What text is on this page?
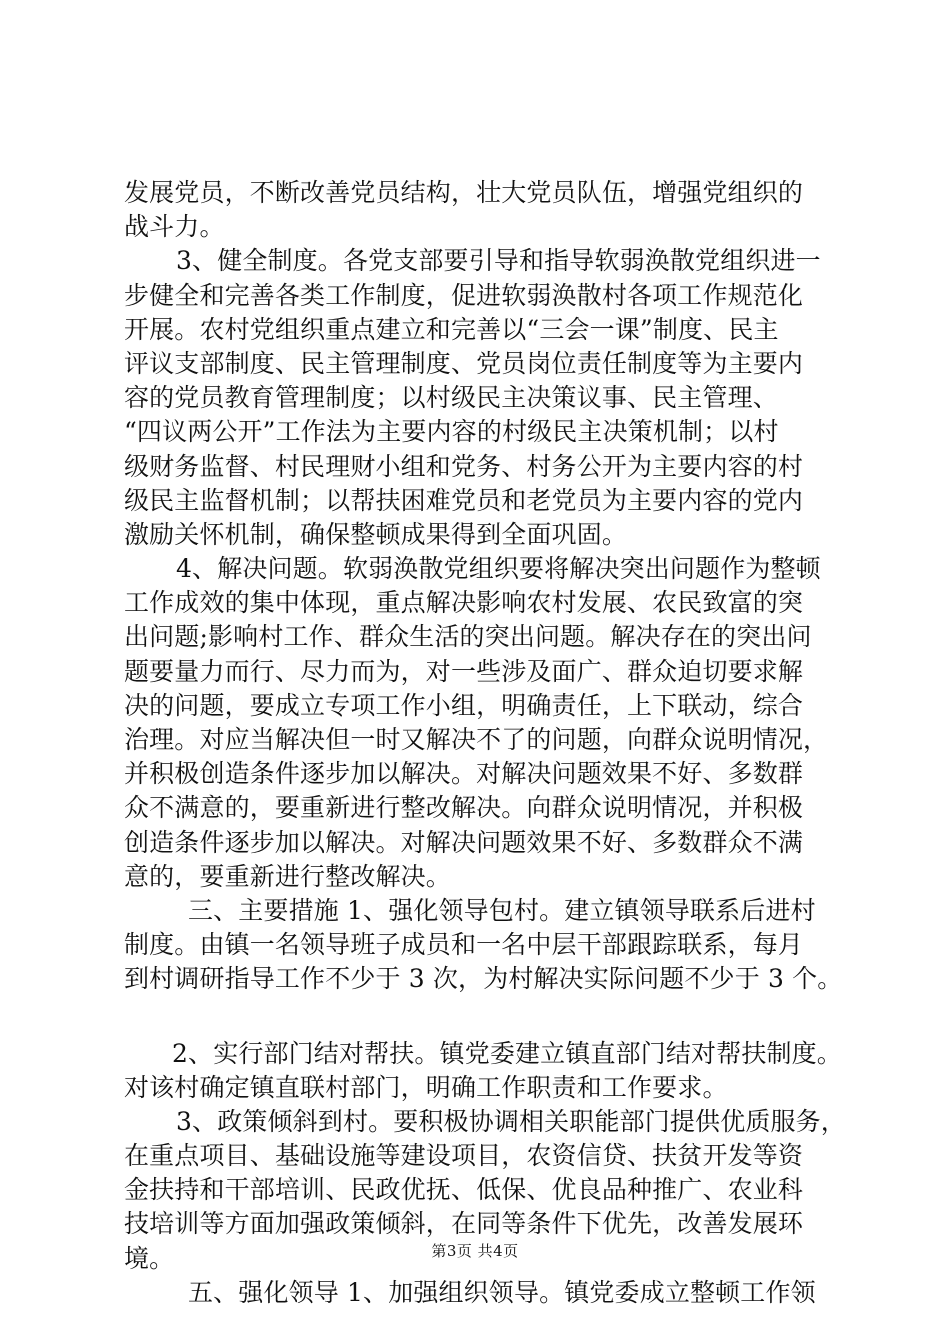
发展党员，不断改善党员结构，壮大党员队伍，增强党组织的
战斗力。
3、健全制度。各党支部要引导和指导软弱涣散党组织进一
步健全和完善各类工作制度，促进软弱涣散村各项工作规范化
开展。农村党组织重点建立和完善以“三会一课”制度、民主
评议支部制度、民主管理制度、党员岗位责任制度等为主要内
容的党员教育管理制度；以村级民主决策议事、民主管理、
“四议两公开”工作法为主要内容的村级民主决策机制；以村
级财务监督、村民理财小组和党务、村务公开为主要内容的村
级民主监督机制；以帮扶困难党员和老党员为主要内容的党内
激励关怀机制，确保整顿成果得到全面巩固。
4、解决问题。软弱涣散党组织要将解决突出问题作为整顿
工作成效的集中体现，重点解决影响农村发展、农民致富的突
出问题;影响村工作、群众生活的突出问题。解决存在的突出问
题要量力而行、尽力而为，对一些涉及面广、群众迫切要求解
决的问题，要成立专项工作小组，明确责任，上下联动，综合
治理。对应当解决但一时又解决不了的问题，向群众说明情况，
并积极创造条件逐步加以解决。对解决问题效果不好、多数群
众不满意的，要重新进行整改解决。向群众说明情况，并积极
创造条件逐步加以解决。对解决问题效果不好、多数群众不满
意的，要重新进行整改解决。
三、主要措施 1、强化领导包村。建立镇领导联系后进村
制度。由镇一名领导班子成员和一名中层干部跟踪联系，每月
到村调研指导工作不少于 3 次，为村解决实际问题不少于 3 个。
2、实行部门结对帮扶。镇党委建立镇直部门结对帮扶制度。
对该村确定镇直联村部门，明确工作职责和工作要求。
3、政策倾斜到村。要积极协调相关职能部门提供优质服务，
在重点项目、基础设施等建设项目，农资信贷、扶贫开发等资
金扶持和干部培训、民政优抚、低保、优良品种推广、农业科
技培训等方面加强政策倾斜，在同等条件下优先，改善发展环
境。
五、强化领导 1、加强组织领导。镇党委成立整顿工作领
第3页 共4页
